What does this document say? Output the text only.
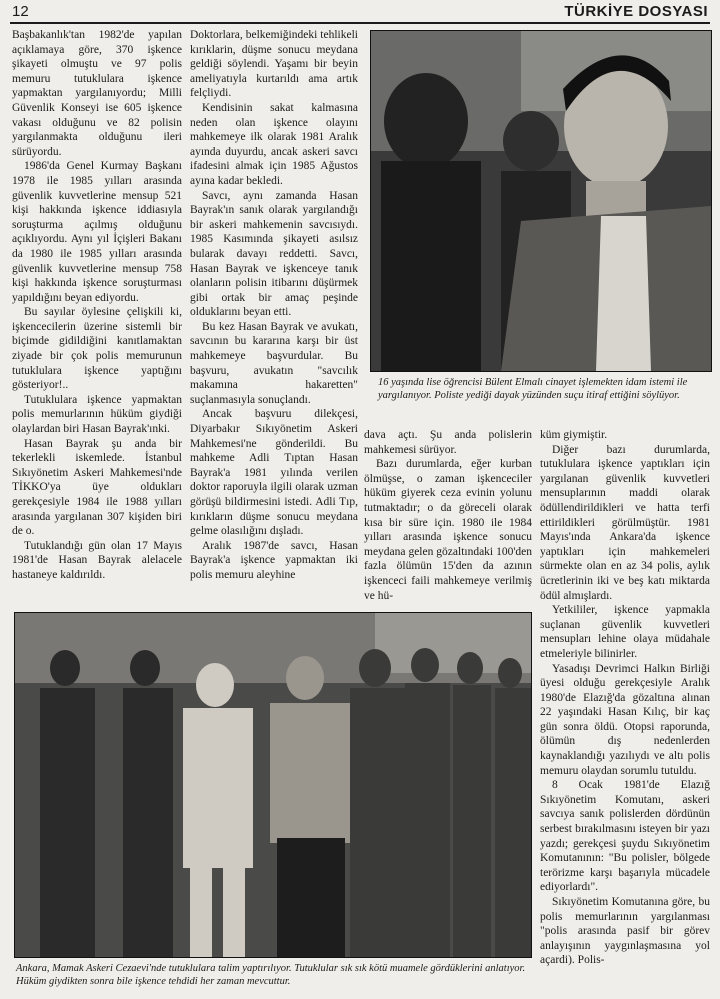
12	TÜRKİYE DOSYASI

Başbakanlık'tan 1982'de yapılan açıklamaya göre, 370 işkence şikayeti olmuştu ve 97 polis memuru tutuklulara işkence yapmaktan yargılanıyordu; Milli Güvenlik Konseyi ise 605 işkence vakası olduğunu ve 82 polisin yargılanmakta olduğunu ileri sürüyordu.

1986'da Genel Kurmay Başkanı 1978 ile 1985 yılları arasında güvenlik kuvvetlerine mensup 521 kişi hakkında işkence iddiasıyla soruşturma açılmış olduğunu açıklıyordu. Aynı yıl İçişleri Bakanı da 1980 ile 1985 yılları arasında güvenlik kuvvetlerine mensup 758 kişi hakkında işkence soruşturması yapıldığını beyan ediyordu.

Bu sayılar öylesine çelişkili ki, işkencecilerin üzerine sistemli bir biçimde gidildiğini kanıtlamaktan ziyade bir çok polis memurunun tutuklulara işkence yaptığını gösteriyor!..

Tutuklulara işkence yapmaktan polis memurlarının hüküm giydiği olaylardan biri Hasan Bayrak'ınki.

Hasan Bayrak şu anda bir tekerlekli iskemlede. İstanbul Sıkıyönetim Askeri Mahkemesi'nde TİKKO'ya üye oldukları gerekçesiyle 1984 ile 1988 yılları arasında yargılanan 307 kişiden biri de o.

Tutuklandığı gün olan 17 Mayıs 1981'de Hasan Bayrak alelacele hastaneye kaldırıldı.

Doktorlara, belkemiğindeki tehlikeli kırıklarin, düşme sonucu meydana geldiği söylendi. Yaşamı bir beyin ameliyatıyla kurtarıldı ama artık felçliydi.

Kendisinin sakat kalmasına neden olan işkence olayını mahkemeye ilk olarak 1981 Aralık ayında duyurdu, ancak askeri savcı ifadesini almak için 1985 Ağustos ayına kadar bekledi.

Savcı, aynı zamanda Hasan Bayrak'ın sanık olarak yargılandığı bir askeri mahkemenin savcısıydı. 1985 Kasımında şikayeti asılsız bularak davayı reddetti. Savcı, Hasan Bayrak ve işkenceye tanık olanların polisin itibarını düşürmek gibi ortak bir amaç peşinde olduklarını beyan etti.

Bu kez Hasan Bayrak ve avukatı, savcının bu kararına karşı bir üst mahkemeye başvurdular. Bu başvuru, avukatın "savcılık makamına hakaretten" suçlanmasıyla sonuçlandı.

Ancak başvuru dilekçesi, Diyarbakır Sıkıyönetim Askeri Mahkemesi'ne gönderildi. Bu mahkeme Adli Tıptan Hasan Bayrak'a 1981 yılında verilen doktor raporuyla ilgili olarak uzman görüşü bildirmesini istedi. Adli Tıp, kırıkların düşme sonucu meydana gelme olasılığını dışladı.

Aralık 1987'de savcı, Hasan Bayrak'a işkence yapmaktan iki polis memuru aleyhine

16 yaşında lise öğrencisi Bülent Elmalı cinayet işlemekten idam istemi ile yargılanıyor. Poliste yediği dayak yüzünden suçu itiraf ettiğini söylüyor.

dava açtı. Şu anda polislerin mahkemesi sürüyor.

Bazı durumlarda, eğer kurban ölmüşse, o zaman işkenceciler hüküm giyerek ceza evinin yolunu tutmaktadır; o da göreceli olarak kısa bir süre için. 1980 ile 1984 yılları arasında işkence sonucu meydana gelen gözaltındaki 100'den fazla ölümün 15'den da azının işkenceci faili mahkemeye verilmiş ve hü-

küm giymiştir.

Diğer bazı durumlarda, tutuklulara işkence yaptıkları için yargılanan güvenlik kuvvetleri mensuplarının maddi olarak ödüllendirildikleri ve hatta terfi ettirildikleri görülmüştür. 1981 Mayıs'ında Ankara'da işkence yaptıkları için mahkemeleri sürmekte olan en az 34 polis, aylık ücretlerinin iki ve beş katı miktarda ödül almışlardı.

Yetkililer, işkence yapmakla suçlanan güvenlik kuvvetleri mensupları lehine olaya müdahale etmeleriyle bilinirler.

Yasadışı Devrimci Halkın Birliği üyesi olduğu gerekçesiyle Aralık 1980'de Elazığ'da gözaltına alınan 22 yaşındaki Hasan Kılıç, bir kaç gün sonra öldü. Otopsi raporunda, ölümün dış nedenlerden kaynaklandığı yazılıydı ve altı polis memuru olaydan sorumlu tutuldu.

8 Ocak 1981'de Elazığ Sıkıyönetim Komutanı, askeri savcıya sanık polislerden dördünün serbest bırakılmasını isteyen bir yazı yazdı; gerekçesi şuydu Sıkıyönetim Komutanının: "Bu polisler, bölgede terörizme karşı başarıyla mücadele ediyorlardı".

Sıkıyönetim Komutanına göre, bu polis memurlarının yargılanması "polis arasında pasif bir görev anlayışının yaygınlaşmasına yol açardi). Polis-

Ankara, Mamak Askeri Cezaevi'nde tutuklulara talim yaptırılıyor. Tutuklular sık sık kötü muamele gördüklerini anlatıyor. Hüküm giydikten sonra bile işkence tehdidi her zaman mevcuttur.
